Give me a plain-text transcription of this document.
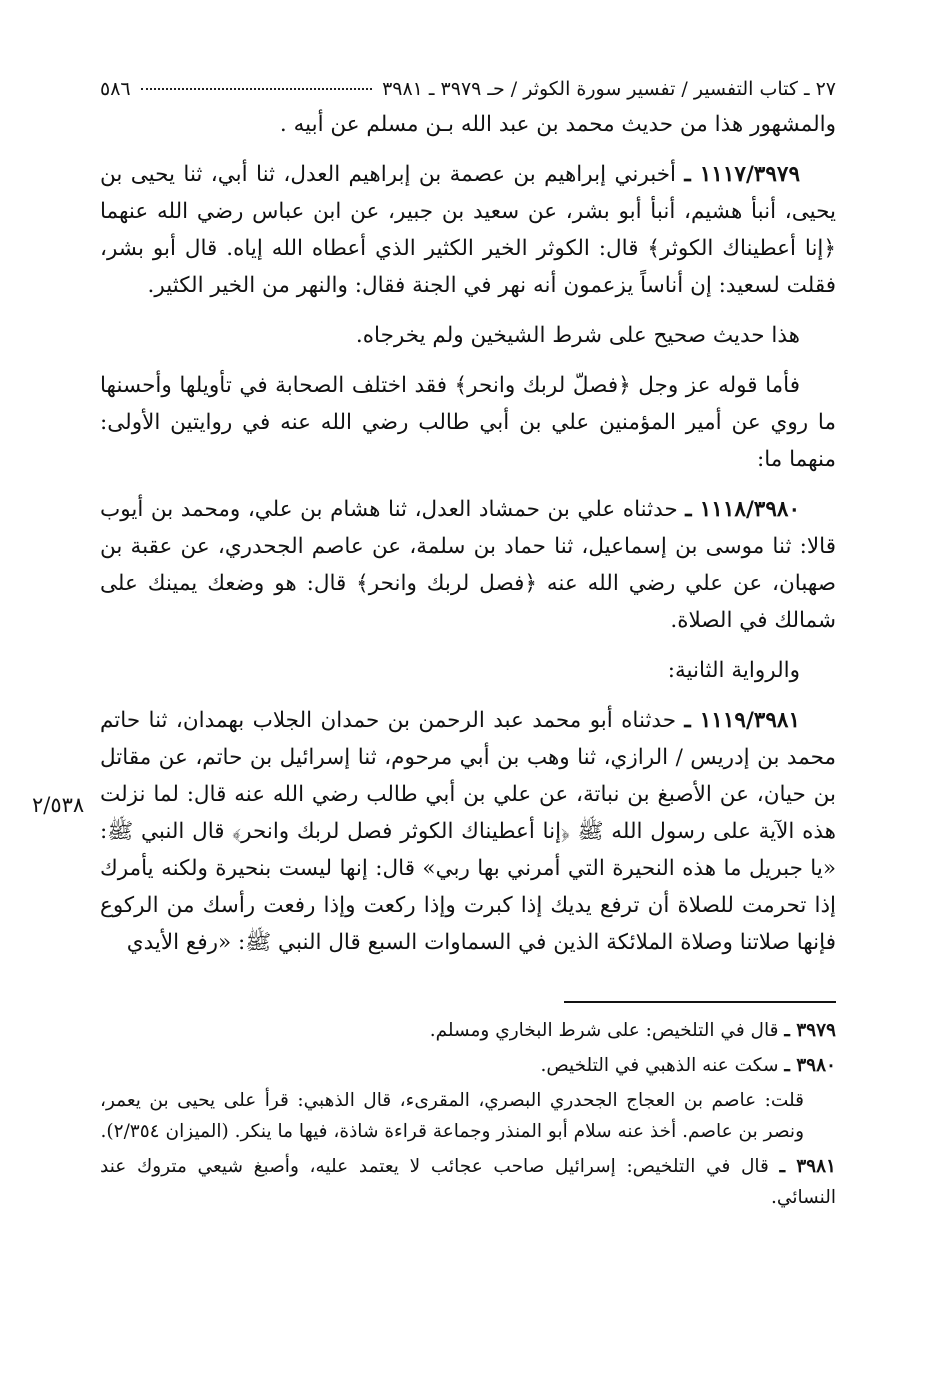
٢٧ ـ كتاب التفسير / تفسير سورة الكوثر / حـ ٣٩٧٩ ـ ٣٩٨١
٥٨٦
٢/٥٣٨

والمشهور هذا من حديث محمد بن عبد الله بـن مسلم عن أبيه .

١١١٧/٣٩٧٩ ـ أخبرني إبراهيم بن عصمة بن إبراهيم العدل، ثنا أبي، ثنا يحيى بن يحيى، أنبأ هشيم، أنبأ أبو بشر، عن سعيد بن جبير، عن ابن عباس رضي الله عنهما ﴿إنا أعطيناك الكوثر﴾ قال: الكوثر الخير الكثير الذي أعطاه الله إياه. قال أبو بشر، فقلت لسعيد: إن أناساً يزعمون أنه نهر في الجنة فقال: والنهر من الخير الكثير.

هذا حديث صحيح على شرط الشيخين ولم يخرجاه.

فأما قوله عز وجل ﴿فصلّ لربك وانحر﴾ فقد اختلف الصحابة في تأويلها وأحسنها ما روي عن أمير المؤمنين علي بن أبي طالب رضي الله عنه في روايتين الأولى: منهما ما:

١١١٨/٣٩٨٠ ـ حدثناه علي بن حمشاد العدل، ثنا هشام بن علي، ومحمد بن أيوب قالا: ثنا موسى بن إسماعيل، ثنا حماد بن سلمة، عن عاصم الجحدري، عن عقبة بن صهبان، عن علي رضي الله عنه ﴿فصل لربك وانحر﴾ قال: هو وضعك يمينك على شمالك في الصلاة.

والرواية الثانية:

١١١٩/٣٩٨١ ـ حدثناه أبو محمد عبد الرحمن بن حمدان الجلاب بهمدان، ثنا حاتم محمد بن إدريس / الرازي، ثنا وهب بن أبي مرحوم، ثنا إسرائيل بن حاتم، عن مقاتل بن حيان، عن الأصبغ بن نباتة، عن علي بن أبي طالب رضي الله عنه قال: لما نزلت هذه الآية على رسول الله ﷺ ﴿إنا أعطيناك الكوثر فصل لربك وانحر﴾ قال النبي ﷺ: «يا جبريل ما هذه النحيرة التي أمرني بها ربي» قال: إنها ليست بنحيرة ولكنه يأمرك إذا تحرمت للصلاة أن ترفع يديك إذا كبرت وإذا ركعت وإذا رفعت رأسك من الركوع فإنها صلاتنا وصلاة الملائكة الذين في السماوات السبع قال النبي ﷺ: «رفع الأيدي

٣٩٧٩ ـ قال في التلخيص: على شرط البخاري ومسلم.

٣٩٨٠ ـ سكت عنه الذهبي في التلخيص.

قلت: عاصم بن العجاج الجحدري البصري، المقرىء، قال الذهبي: قرأ على يحيى بن يعمر، ونصر بن عاصم. أخذ عنه سلام أبو المنذر وجماعة قراءة شاذة، فيها ما ينكر. (الميزان ٢/٣٥٤).

٣٩٨١ ـ قال في التلخيص: إسرائيل صاحب عجائب لا يعتمد عليه، وأصبغ شيعي متروك عند النسائي.
